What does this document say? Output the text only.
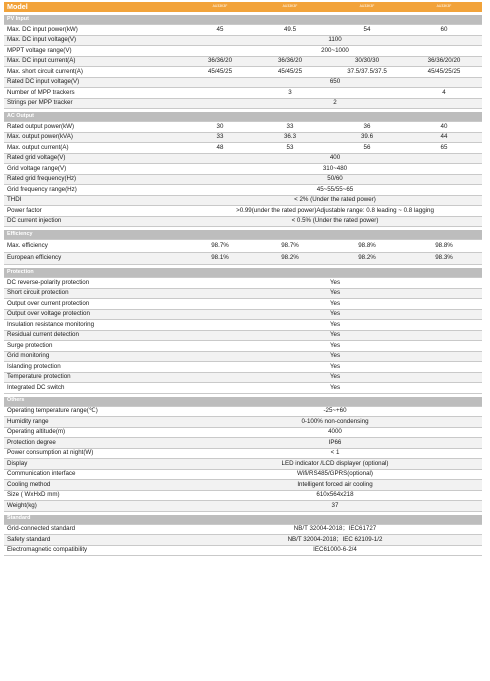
Model	AU33K3F	AU33K3F	AU33K3F	AU33K3F

PV Input				
Max. DC input power(kW)	45	49.5	54	60
Max. DC input voltage(V)	1100			
MPPT voltage range(V)	200~1000			
Max. DC input current(A)	36/36/20	36/36/20	30/30/30	36/36/20/20
Max. short circuit current(A)	45/45/25	45/45/25	37.5/37.5/37.5	45/45/25/25
Rated DC input voltage(V)	650			
Number of MPP trackers		3		4
Strings per MPP tracker	2			

AC Output				
Rated output power(kW)	30	33	36	40
Max. output power(kVA)	33	36.3	39.6	44
Max. output current(A)	48	53	56	65
Rated grid voltage(V)	400			
Grid voltage range(V)	310~480			
Rated grid frequency(Hz)	50/60			
Grid frequency range(Hz)	45~55/55~65			
THDI	< 2% (Under the rated power)			
Power factor	>0.99(under the rated power)Adjustable range: 0.8 leading ~ 0.8 lagging			
DC current injection	< 0.5% (Under the rated power)			

Efficiency				
Max. efficiency	98.7%	98.7%	98.8%	98.8%
European efficiency	98.1%	98.2%	98.2%	98.3%

Protection				
DC reverse-polarity protection	Yes			
Short circuit protection	Yes			
Output over current protection	Yes			
Output over voltage protection	Yes			
Insulation resistance monitoring	Yes			
Residual current detection	Yes			
Surge protection	Yes			
Grid monitoring	Yes			
Islanding protection	Yes			
Temperature protection	Yes			
Integrated DC switch	Yes			

Others				
Operating temperature range(℃)	-25~+60			
Humidity range	0-100% non-condensing			
Operating altitude(m)	4000			
Protection degree	IP66			
Power consumption at night(W)	< 1			
Display	LED indicator /LCD displayer (optional)			
Communication interface	Wifi/RS485/GPRS(optional)			
Cooling method	Intelligent forced air cooling			
Size ( WxHxD mm)	610x564x218			
Weight(kg)	37			

Standard				
Grid-connected standard	NB/T 32004-2018；IEC61727			
Safety standard	NB/T 32004-2018；IEC 62109-1/2			
Electromagnetic compatibility	IEC61000-6-2/4			
